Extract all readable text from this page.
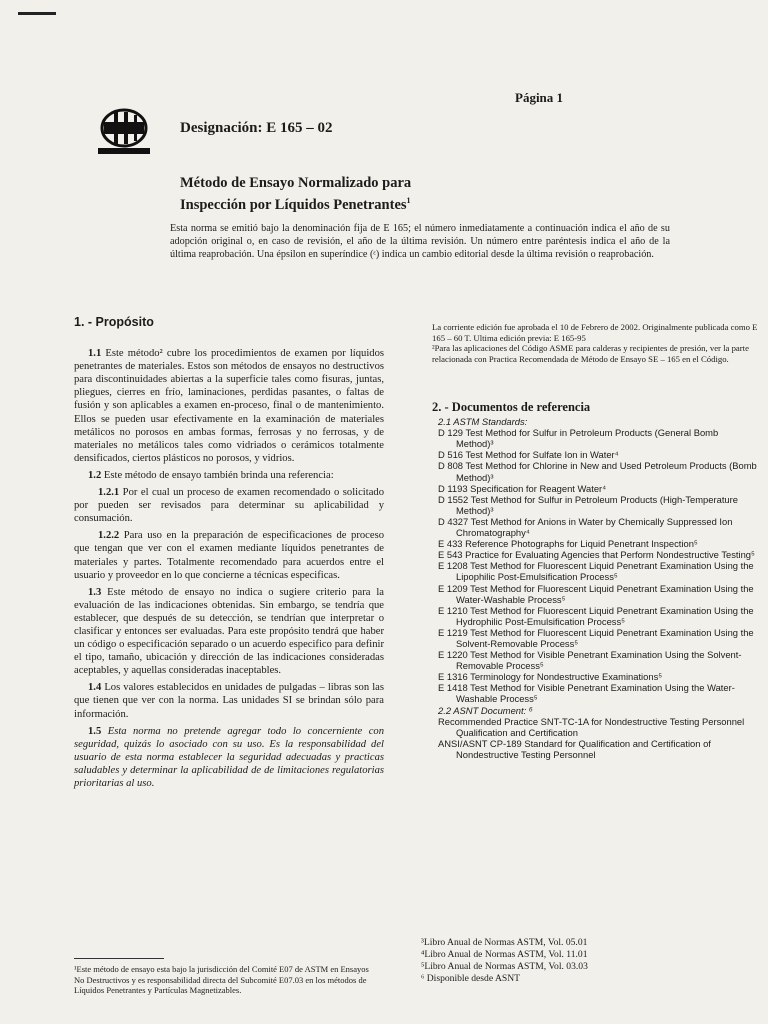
Página 1
Designación: E 165 – 02
Método de Ensayo Normalizado para
Inspección por Líquidos Penetrantes$^1$
Esta norma se emitió bajo la denominación fija de E 165; el número inmediatamente a continuación indica el año de su adopción original o, en caso de revisión, el año de la última revisión. Un número entre paréntesis indica el año de la última reaprobación. Una épsilon en superíndice (ᵋ) indica un cambio editorial desde la última revisión o reaprobación.
1. - Propósito

1.1 Este método² cubre los procedimientos de examen por líquidos penetrantes de materiales. Estos son métodos de ensayos no destructivos para discontinuidades abiertas a la superficie tales como fisuras, juntas, pliegues, cierres en frío, laminaciones, perdidas pasantes, o faltas de fusión y son aplicables a examen en-proceso, final o de mantenimiento. Ellos se pueden usar efectivamente en la examinación de materiales metálicos no porosos en ambas formas, ferrosas y no ferrosas, y de materiales no metálicos tales como vidriados o cerámicos totalmente densificados, ciertos plásticos no porosos, y vidrios.

1.2 Este método de ensayo también brinda una referencia:

1.2.1 Por el cual un proceso de examen recomendado o solicitado por pueden ser revisados para determinar su aplicabilidad y consumación.

1.2.2 Para uso en la preparación de especificaciones de proceso que tengan que ver con el examen mediante líquidos penetrantes de materiales y partes. Totalmente recomendado para acuerdos entre el usuario y proveedor en lo que concierne a técnicas especificas.

1.3 Este método de ensayo no indica o sugiere criterio para la evaluación de las indicaciones obtenidas. Sin embargo, se tendría que establecer, que después de su detección, se tendrían que interpretar o clasificar y entonces ser evaluadas. Para este propósito tendrá que haber un código o especificación separado o un acuerdo especifico para definir el tipo, tamaño, ubicación y dirección de las indicaciones consideradas aceptables, y aquellas consideradas inaceptables.

1.4 Los valores establecidos en unidades de pulgadas – libras son las que tienen que ver con la norma. Las unidades SI se brindan sólo para información.

1.5 Esta norma no pretende agregar todo lo concerniente con seguridad, quizás lo asociado con su uso. Es la responsabilidad del usuario de esta norma establecer la seguridad adecuadas y practicas saludables y determinar la aplicabilidad de de limitaciones regulatorias prioritarias al uso.

¹Este método de ensayo esta bajo la jurisdicción del Comité E07 de ASTM en Ensayos No Destructivos y es responsabilidad directa del Subcomité E07.03 en los métodos de Líquidos Penetrantes y Partículas Magnetizables.

La corriente edición fue aprobada el 10 de Febrero de 2002. Originalmente publicada como E 165 – 60 T. Ultima edición previa: E 165-95

²Para las aplicaciones del Código ASME para calderas y recipientes de presión, ver la parte relacionada con Practica Recomendada de Método de Ensayo SE – 165 en el Código.

2. - Documentos de referencia
2.1 ASTM Standards:
D 129 Test Method for Sulfur in Petroleum Products (General Bomb Method)³
D 516 Test Method for Sulfate Ion in Water⁴
D 808 Test Method for Chlorine in New and Used Petroleum Products (Bomb Method)³
D 1193 Specification for Reagent Water⁴
D 1552 Test Method for Sulfur in Petroleum Products (High-Temperature Method)³
D 4327 Test Method for Anions in Water by Chemically Suppressed Ion Chromatography⁴
E 433 Reference Photographs for Liquid Penetrant Inspection⁵
E 543 Practice for Evaluating Agencies that Perform Nondestructive Testing⁵
E 1208 Test Method for Fluorescent Liquid Penetrant Examination Using the Lipophilic Post-Emulsification Process⁵
E 1209 Test Method for Fluorescent Liquid Penetrant Examination Using the Water-Washable Process⁵
E 1210 Test Method for Fluorescent Liquid Penetrant Examination Using the Hydrophilic Post-Emulsification Process⁵
E 1219 Test Method for Fluorescent Liquid Penetrant Examination Using the Solvent-Removable Process⁵
E 1220 Test Method for Visible Penetrant Examination Using the Solvent-Removable Process⁵
E 1316 Terminology for Nondestructive Examinations⁵
E 1418 Test Method for Visible Penetrant Examination Using the Water-Washable Process⁵
2.2 ASNT Document: ⁶
Recommended Practice SNT-TC-1A for Nondestructive Testing Personnel Qualification and Certification
ANSI/ASNT CP-189 Standard for Qualification and Certification of Nondestructive Testing Personnel

³Libro Anual de Normas ASTM, Vol. 05.01

⁴Libro Anual de Normas ASTM, Vol. 11.01

⁵Libro Anual de Normas ASTM, Vol. 03.03

⁶ Disponible desde ASNT
